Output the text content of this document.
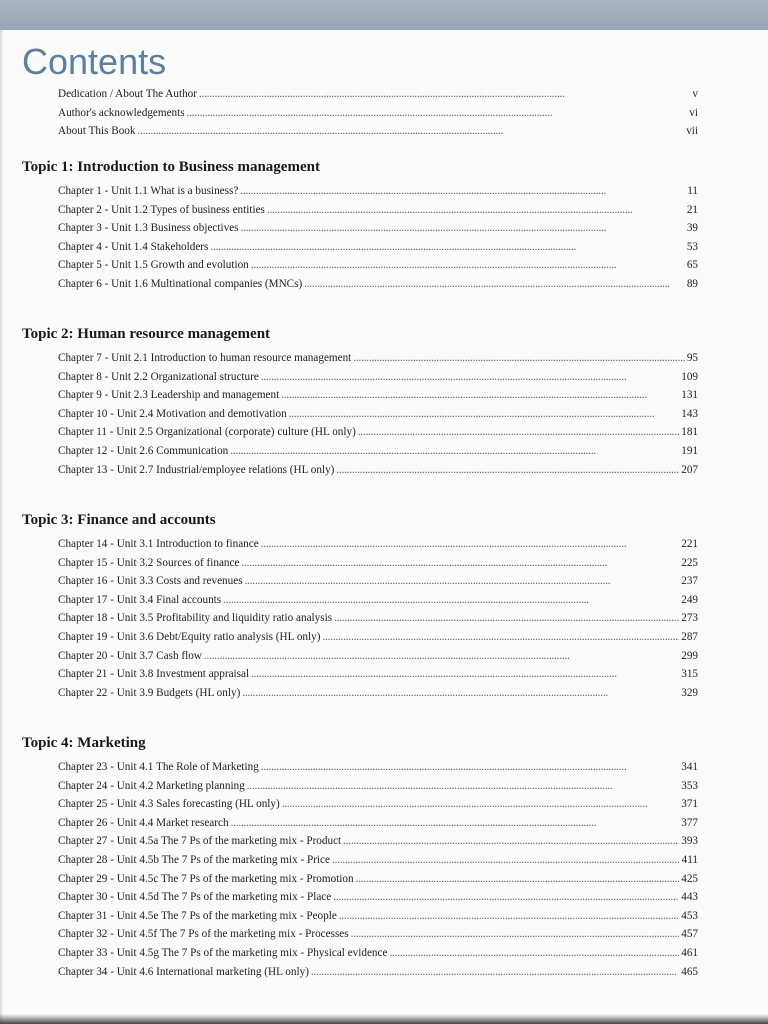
Contents
Dedication / About The Author . . .	v
Author's acknowledgements . . .	vi
About This Book . . .	vii
Topic 1: Introduction to Business management
Chapter 1 - Unit 1.1 What is a business? . . .	11
Chapter 2 - Unit 1.2 Types of business entities . . .	21
Chapter 3 - Unit 1.3 Business objectives . . .	39
Chapter 4 - Unit 1.4 Stakeholders . . .	53
Chapter 5 - Unit 1.5 Growth and evolution . . .	65
Chapter 6 - Unit 1.6 Multinational companies (MNCs) . . .	89
Topic 2: Human resource management
Chapter 7 - Unit 2.1 Introduction to human resource management . . .	95
Chapter 8 - Unit 2.2 Organizational structure . . .	109
Chapter 9 - Unit 2.3 Leadership and management . . .	131
Chapter 10 - Unit 2.4 Motivation and demotivation . . .	143
Chapter 11 - Unit 2.5 Organizational (corporate) culture (HL only) . . .	181
Chapter 12 - Unit 2.6 Communication . . .	191
Chapter 13 - Unit 2.7 Industrial/employee relations (HL only) . . .	207
Topic 3: Finance and accounts
Chapter 14 - Unit 3.1 Introduction to finance . . .	221
Chapter 15 - Unit 3.2 Sources of finance . . .	225
Chapter 16 - Unit 3.3 Costs and revenues . . .	237
Chapter 17 - Unit 3.4 Final accounts . . .	249
Chapter 18 - Unit 3.5 Profitability and liquidity ratio analysis . . .	273
Chapter 19 - Unit 3.6 Debt/Equity ratio analysis (HL only) . . .	287
Chapter 20 - Unit 3.7 Cash flow . . .	299
Chapter 21 - Unit 3.8 Investment appraisal . . .	315
Chapter 22 - Unit 3.9 Budgets (HL only) . . .	329
Topic 4: Marketing
Chapter 23 - Unit 4.1 The Role of Marketing . . .	341
Chapter 24 - Unit 4.2 Marketing planning . . .	353
Chapter 25 - Unit 4.3 Sales forecasting (HL only) . . .	371
Chapter 26 - Unit 4.4 Market research . . .	377
Chapter 27 - Unit 4.5a The 7 Ps of the marketing mix - Product . . .	393
Chapter 28 - Unit 4.5b The 7 Ps of the marketing mix - Price . . .	411
Chapter 29 - Unit 4.5c The 7 Ps of the marketing mix - Promotion . . .	425
Chapter 30 - Unit 4.5d The 7 Ps of the marketing mix - Place . . .	443
Chapter 31 - Unit 4.5e The 7 Ps of the marketing mix - People . . .	453
Chapter 32 - Unit 4.5f The 7 Ps of the marketing mix - Processes . . .	457
Chapter 33 - Unit 4.5g The 7 Ps of the marketing mix - Physical evidence . . .	461
Chapter 34 - Unit 4.6 International marketing (HL only) . . .	465
